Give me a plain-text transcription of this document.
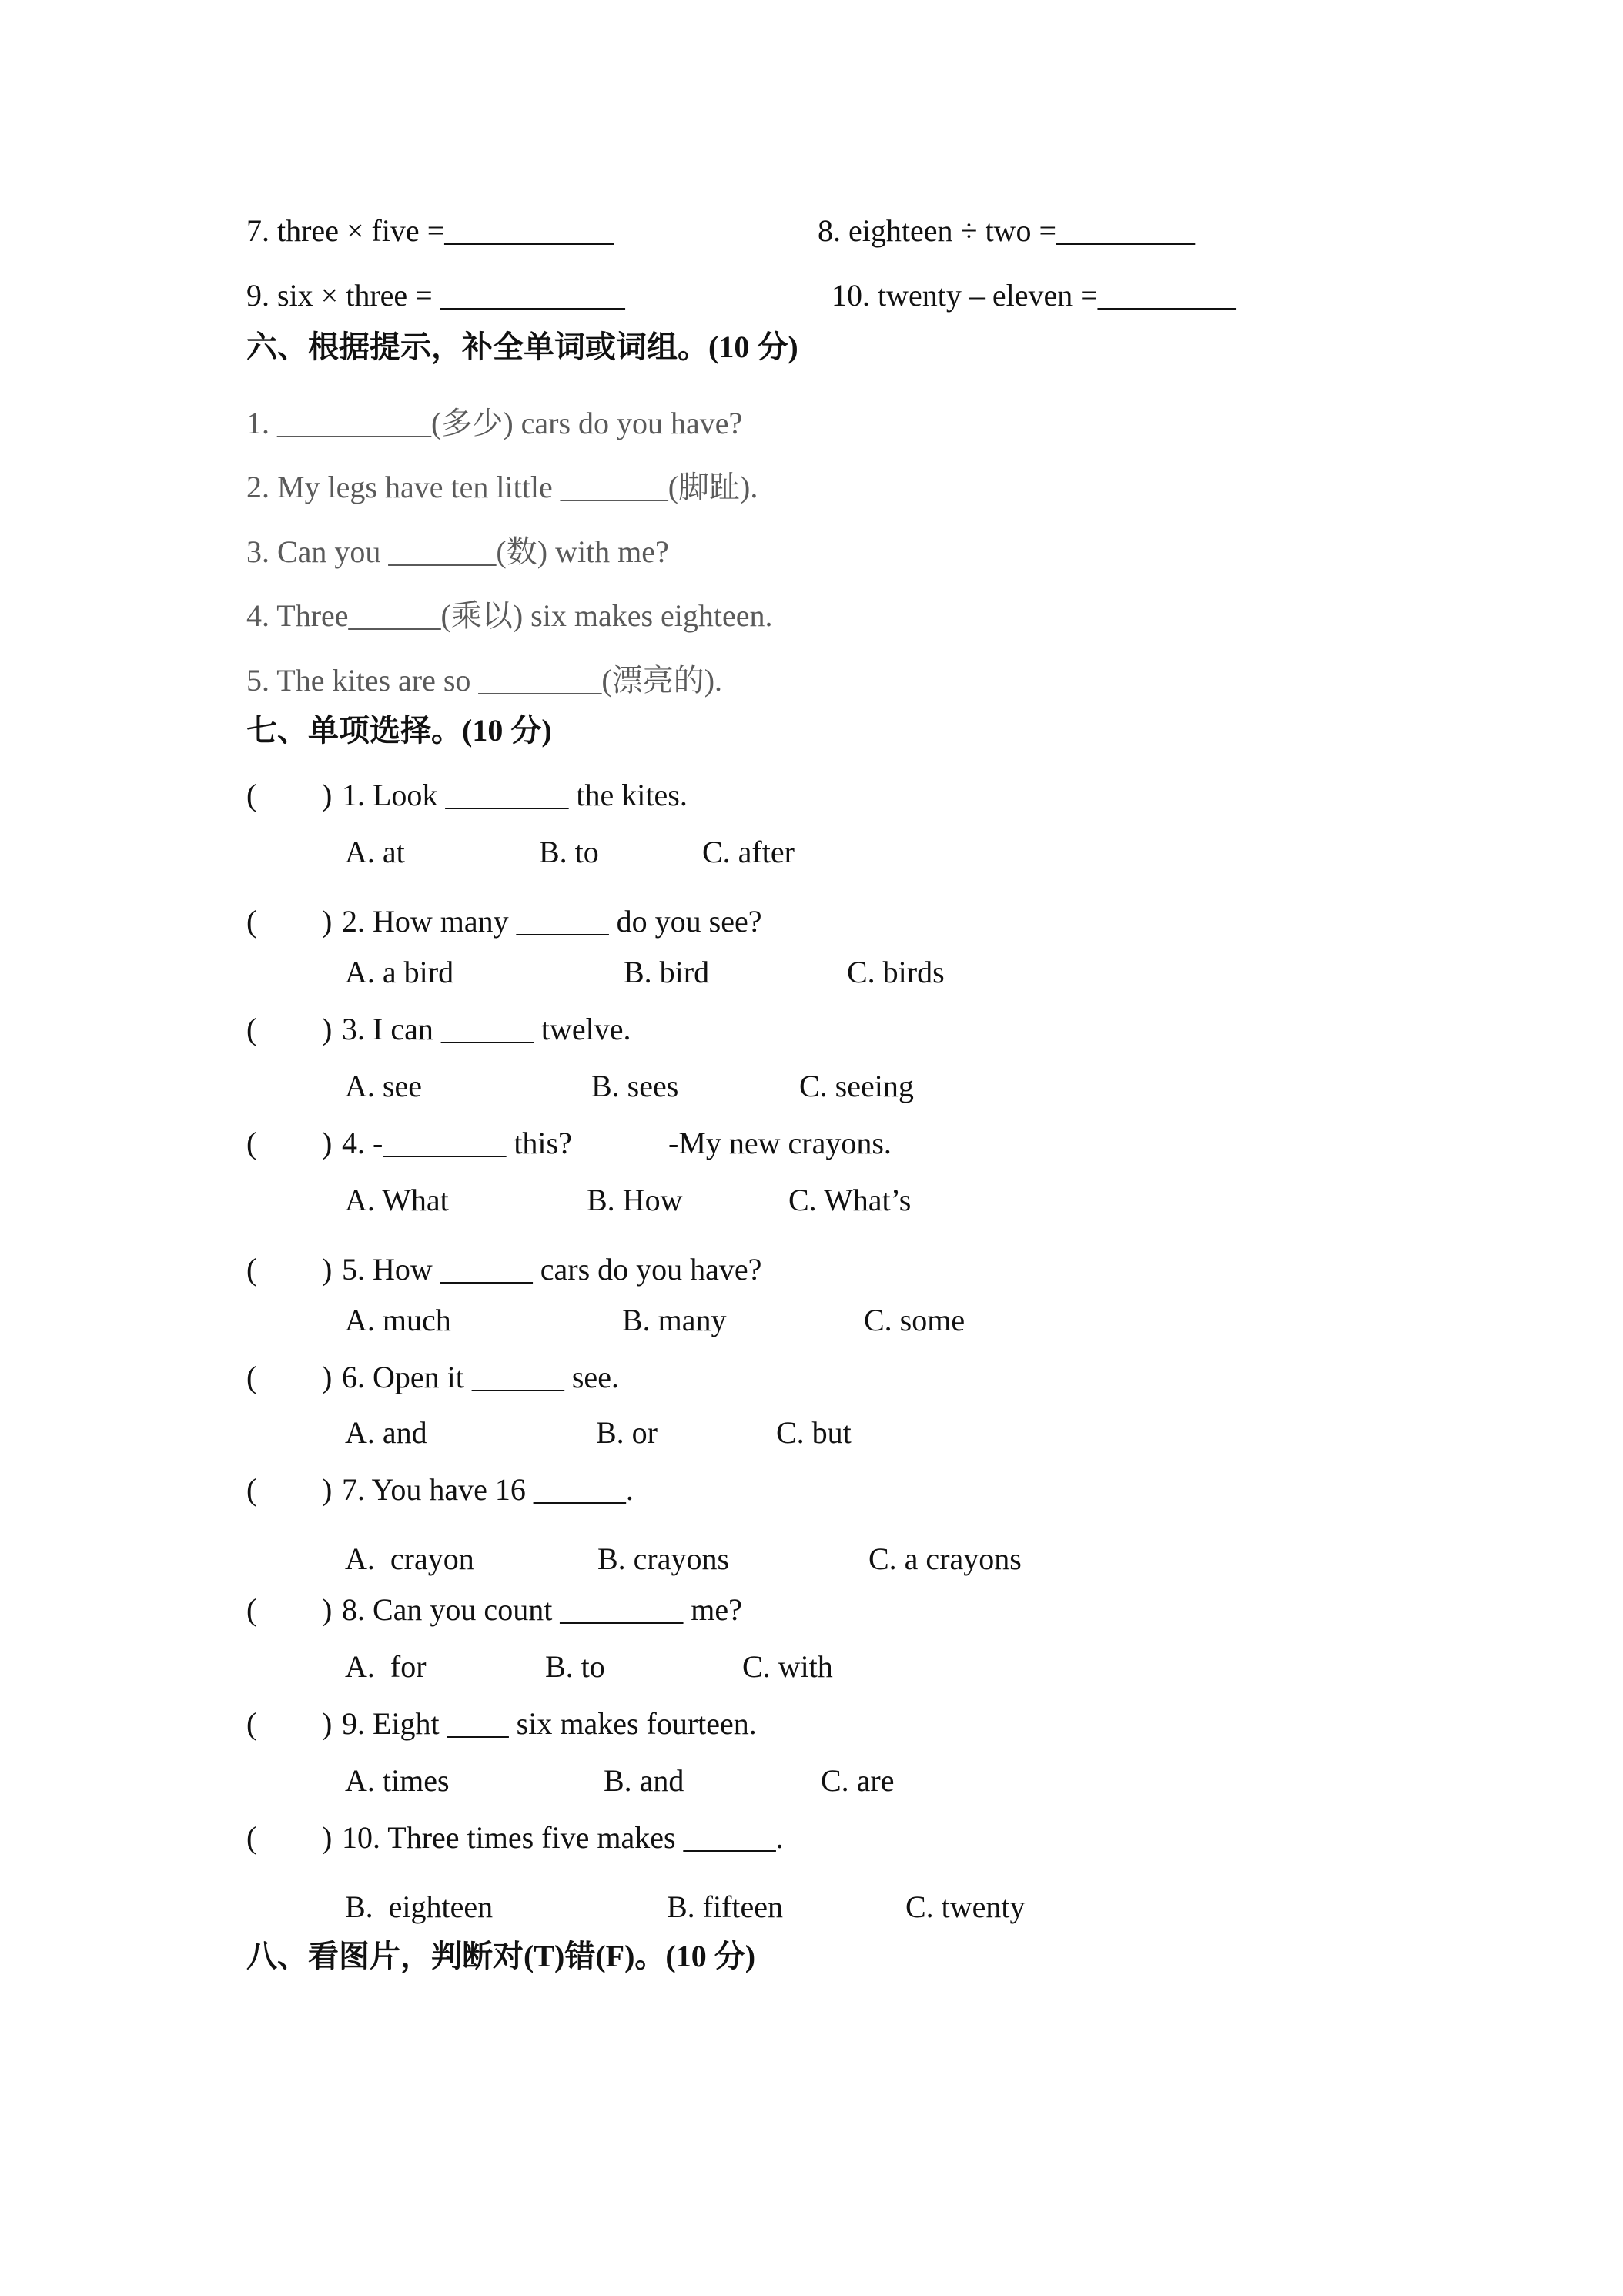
7. three × five =___________	8. eighteen ÷ two =_________
9. six × three = ____________	10. twenty – eleven =_________
六、根据提示，补全单词或词组。(10 分)
1. __________(多少) cars do you have?
2. My legs have ten little _______(脚趾).
3. Can you _______(数) with me?
4. Three______(乘以) six makes eighteen.
5. The kites are so ________(漂亮的).
七、单项选择。(10 分)
( ) 1. Look ________ the kites.
A. at	B. to	C. after
( ) 2. How many ______ do you see?
A. a bird	B. bird	C. birds
( ) 3. I can ______ twelve.
A. see	B. sees	C. seeing
( ) 4. -________ this?	-My new crayons.
A. What	B. How	C. What’s
( ) 5. How ______ cars do you have?
A. much	B. many	C. some
( ) 6. Open it ______ see.
A. and	B. or	C. but
( ) 7. You have 16 ______.
A.  crayon	B. crayons	C. a crayons
( ) 8. Can you count ________ me?
A.  for	B. to	C. with
( ) 9. Eight ____ six makes fourteen.
A. times	B. and	C. are
( ) 10. Three times five makes ______.
B.  eighteen	B. fifteen	C. twenty
八、看图片，判断对(T)错(F)。(10 分)
